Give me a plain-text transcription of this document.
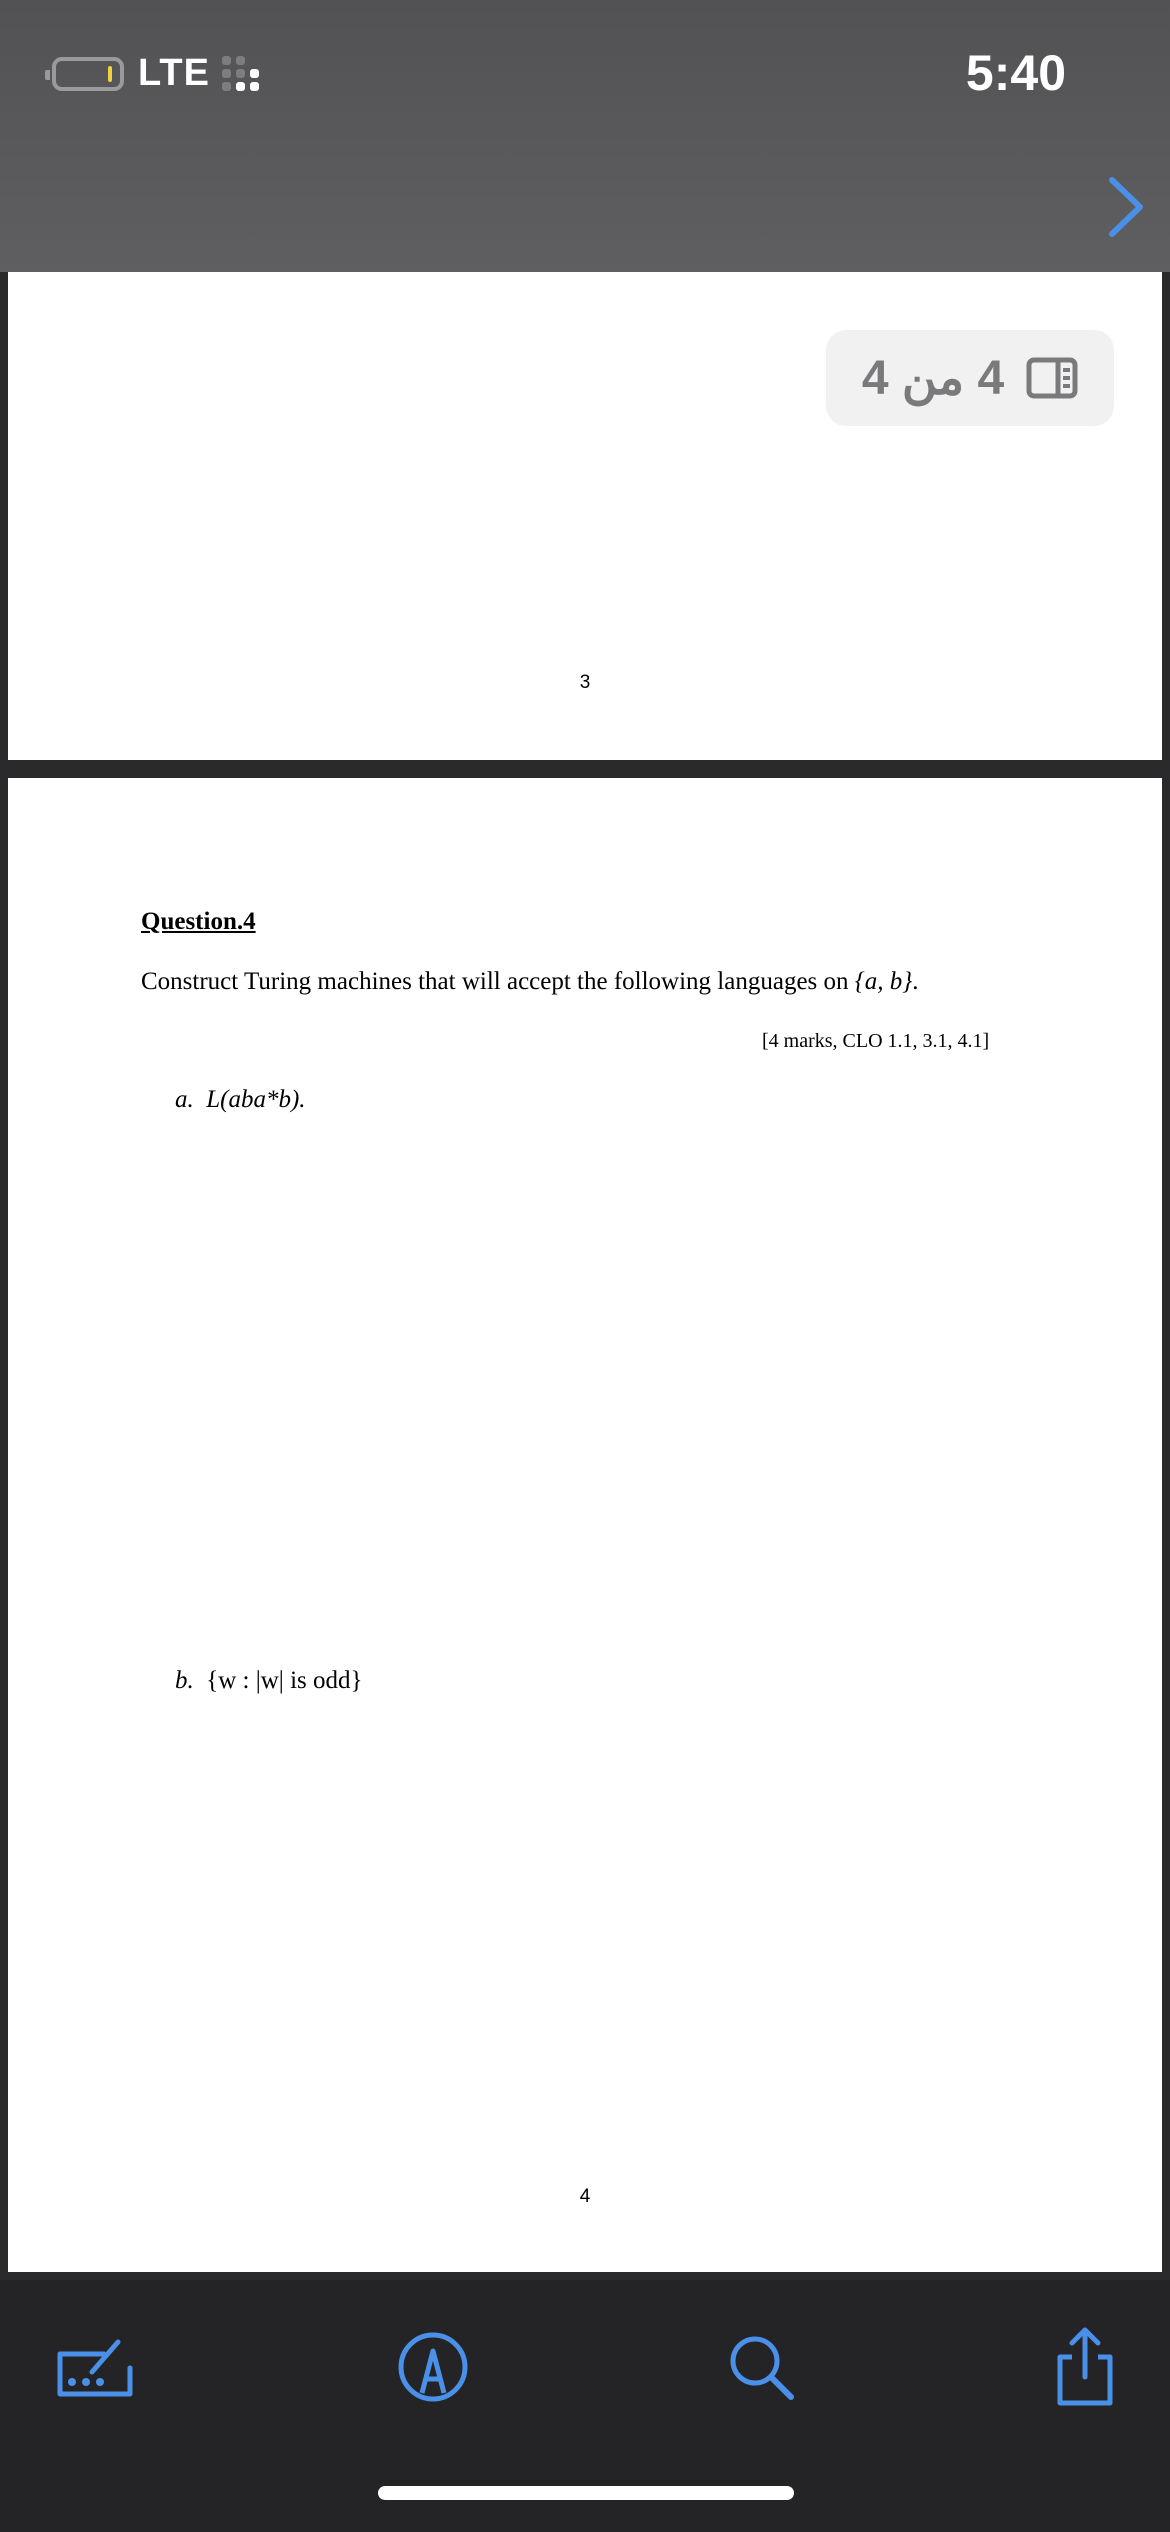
LTE	5:40
3
4 من 4
4
Question.4
Construct Turing machines that will accept the following languages on {a, b}.
[4 marks, CLO 1.1, 3.1, 4.1]
a. L(aba*b).
b. {w : |w| is odd}
